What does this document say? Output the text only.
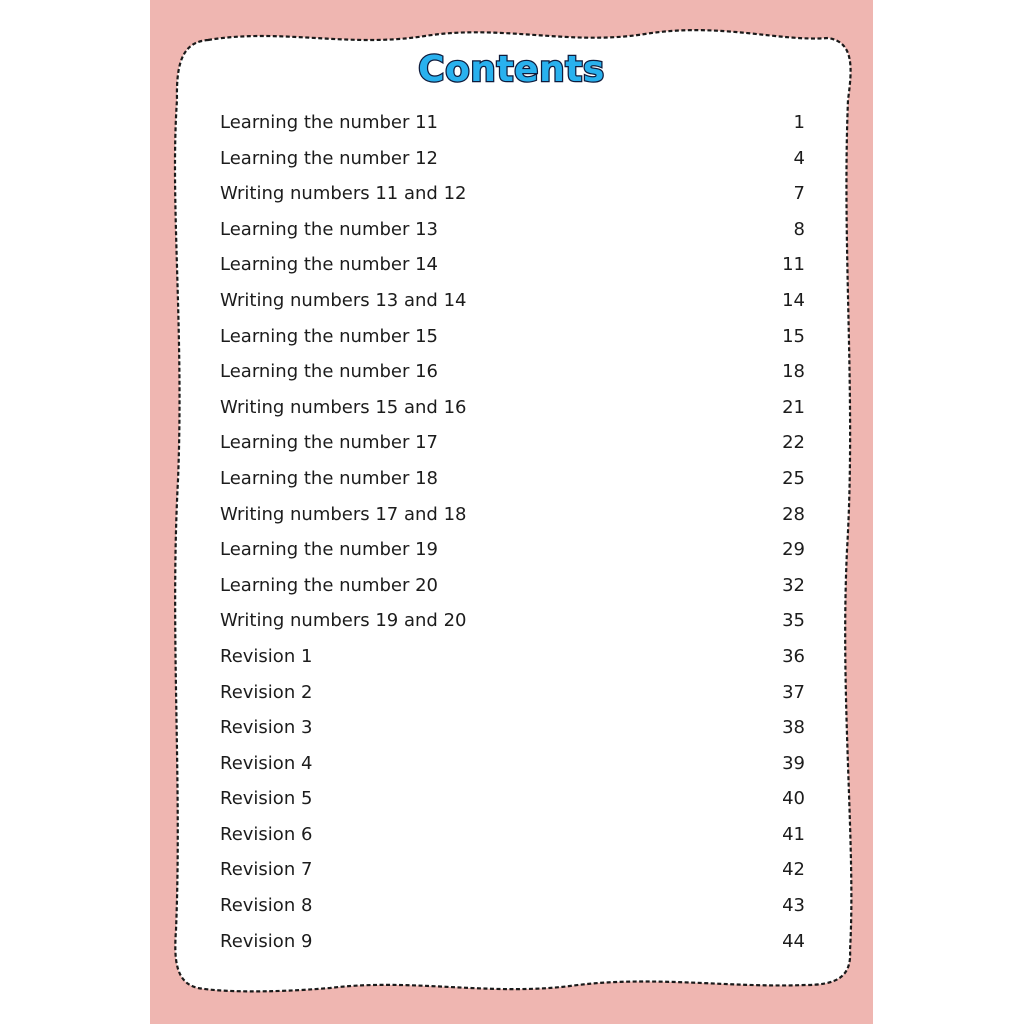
Contents
Learning the number 11	1
Learning the number 12	4
Writing numbers 11 and 12	7
Learning the number 13	8
Learning the number 14	11
Writing numbers 13 and 14	14
Learning the number 15	15
Learning the number 16	18
Writing numbers 15 and 16	21
Learning the number 17	22
Learning the number 18	25
Writing numbers 17 and 18	28
Learning the number 19	29
Learning the number 20	32
Writing numbers 19 and 20	35
Revision 1	36
Revision 2	37
Revision 3	38
Revision 4	39
Revision 5	40
Revision 6	41
Revision 7	42
Revision 8	43
Revision 9	44
